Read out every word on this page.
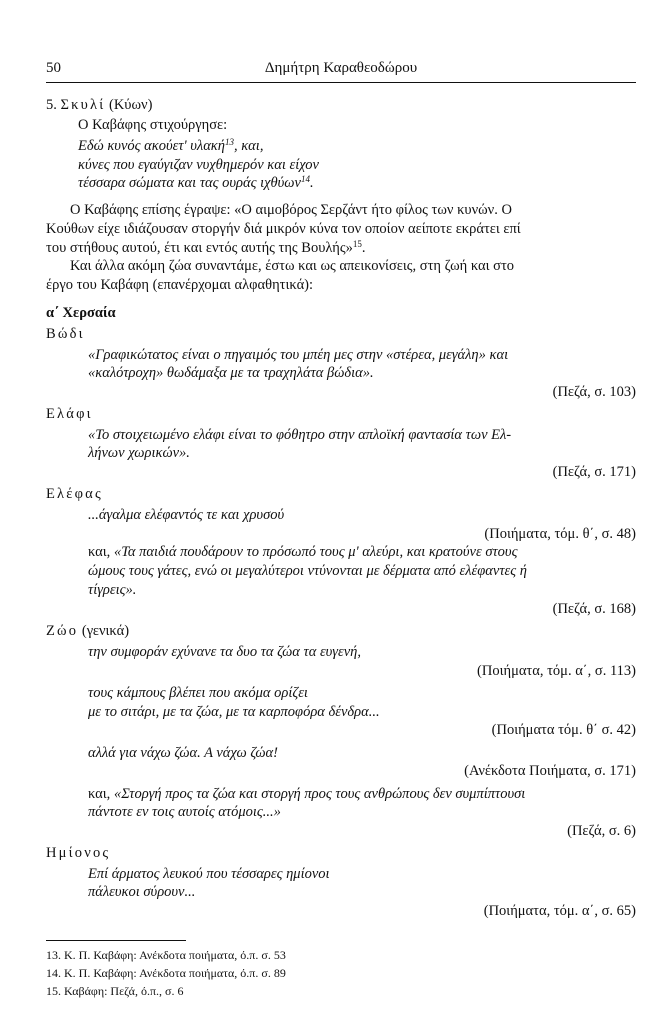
50	Δημήτρη Καραθεοδώρου
5. Σκυλί (Κύων)
Ο Καβάφης στιχούργησε:
Εδώ κυνός ακούετ' υλακή$^{13}$, και,
κύνες που εγαύγιζαν νυχθημερόν και είχον
τέσσαρα σώματα και τας ουράς ιχθύων$^{14}$.
Ο Καβάφης επίσης έγραψε: «Ο αιμοβόρος Σερζάντ ήτο φίλος των κυνών. Ο
Κούθων είχε ιδιάζουσαν στοργήν διά μικρόν κύνα τον οποίον αείποτε εκράτει επί
του στήθους αυτού, έτι και εντός αυτής της Βουλής»$^{15}$.
Και άλλα ακόμη ζώα συναντάμε, έστω και ως απεικονίσεις, στη ζωή και στο
έργο του Καβάφη (επανέρχομαι αλφαθητικά):
α΄ Χερσαία
Βώδι
«Γραφικώτατος είναι ο πηγαιμός του μπέη μες στην «στέρεα, μεγάλη» και
«καλότροχη» θωδάμαξα με τα τραχηλάτα βώδια».
(Πεζά, σ. 103)
Ελάφι
«Το στοιχειωμένο ελάφι είναι το φόθητρο στην απλοϊκή φαντασία των Ελ-
λήνων χωρικών».
(Πεζά, σ. 171)
Ελέφας
...άγαλμα ελέφαντός τε και χρυσού
(Ποιήματα, τόμ. θ΄, σ. 48)
και, «Τα παιδιά πουδάρουν το πρόσωπό τους μ' αλεύρι, και κρατούνε στους
ώμους τους γάτες, ενώ οι μεγαλύτεροι ντύνονται με δέρματα από ελέφαντες ή
τίγρεις».
(Πεζά, σ. 168)
Ζώο (γενικά)
την συμφοράν εχύνανε τα δυο τα ζώα τα ευγενή,
(Ποιήματα, τόμ. α΄, σ. 113)
τους κάμπους βλέπει που ακόμα ορίζει
με το σιτάρι, με τα ζώα, με τα καρποφόρα δένδρα...
(Ποιήματα τόμ. θ΄ σ. 42)
αλλά για νάχω ζώα. Α νάχω ζώα!
(Ανέκδοτα Ποιήματα, σ. 171)
και, «Στοργή προς τα ζώα και στοργή προς τους ανθρώπους δεν συμπίπτουσι
πάντοτε εν τοις αυτοίς ατόμοις...»
(Πεζά, σ. 6)
Ημίονος
Επί άρματος λευκού που τέσσαρες ημίονοι
πάλευκοι σύρουν...
(Ποιήματα, τόμ. α΄, σ. 65)
13. Κ. Π. Καβάφη: Ανέκδοτα ποιήματα, ό.π. σ. 53
14. Κ. Π. Καβάφη: Ανέκδοτα ποιήματα, ό.π. σ. 89
15. Καβάφη: Πεζά, ό.π., σ. 6
